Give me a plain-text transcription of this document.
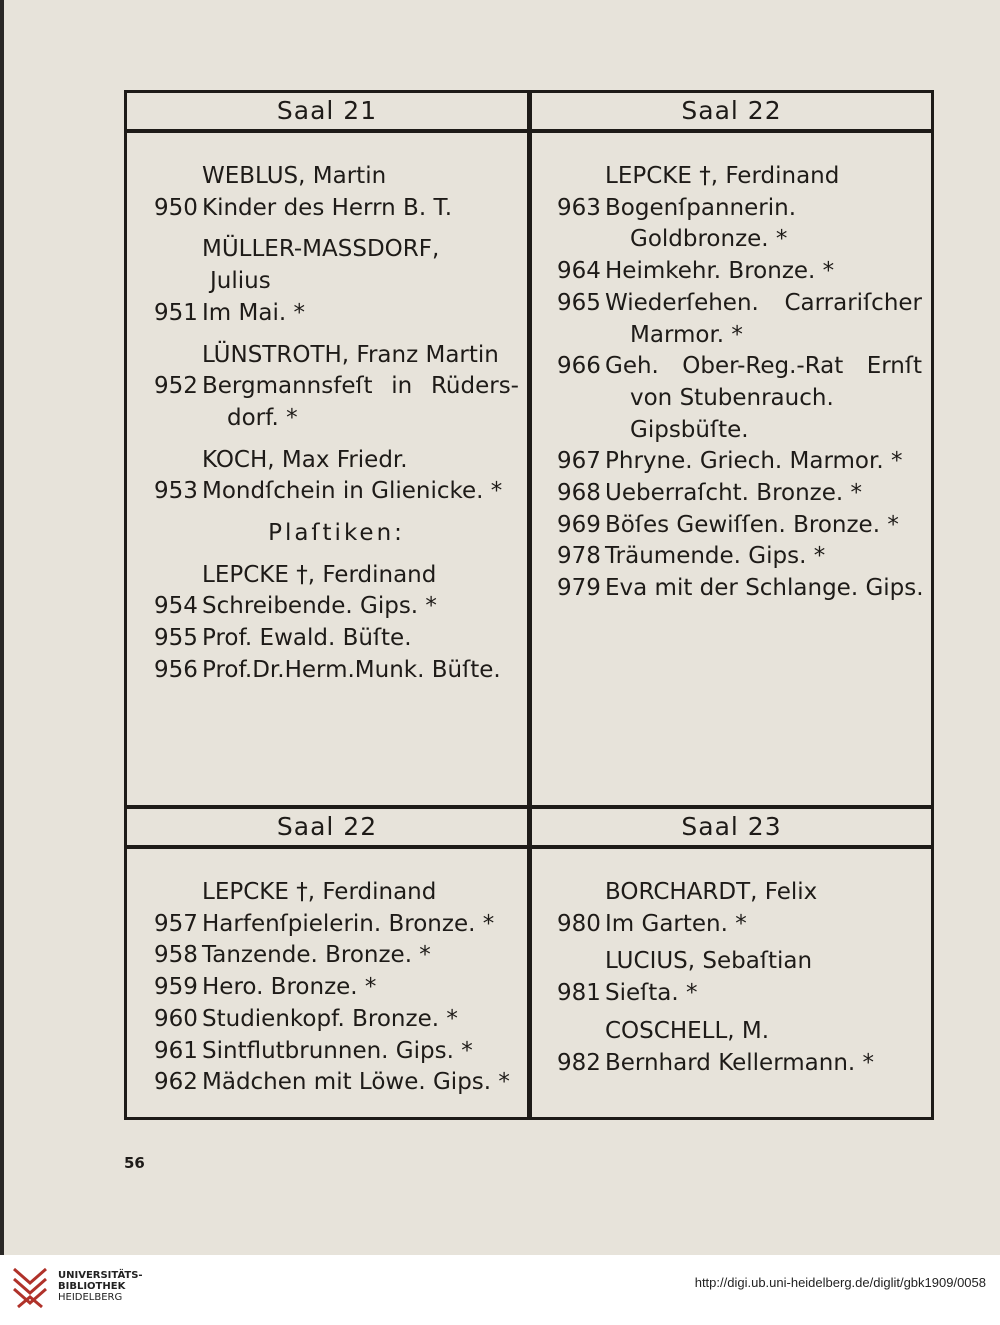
Saal 21	Saal 22
Saal 22	Saal 23
WEBLUS, Martin
950 Kinder des Herrn B. T.
MÜLLER-MASSDORF,
Julius
951 Im Mai. *
LÜNSTROTH, Franz Martin
952 Bergmannsfeſt in Rüders-
dorf. *
KOCH, Max Friedr.
953 Mondſchein in Glienicke. *
Plaſtiken:
LEPCKE †, Ferdinand
954 Schreibende. Gips. *
955 Prof. Ewald. Büſte.
956 Prof.Dr.Herm.Munk. Büſte.
LEPCKE †, Ferdinand
963 Bogenſpannerin.
Goldbronze. *
964 Heimkehr. Bronze. *
965 Wiederſehen. Carrariſcher
Marmor. *
966 Geh. Ober-Reg.-Rat Ernſt
von Stubenrauch.
Gipsbüſte.
967 Phryne. Griech. Marmor. *
968 Ueberraſcht. Bronze. *
969 Böſes Gewiſſen. Bronze. *
978 Träumende. Gips. *
979 Eva mit der Schlange. Gips.
LEPCKE †, Ferdinand
957 Harfenſpielerin. Bronze. *
958 Tanzende. Bronze. *
959 Hero. Bronze. *
960 Studienkopf. Bronze. *
961 Sintflutbrunnen. Gips. *
962 Mädchen mit Löwe. Gips. *
BORCHARDT, Felix
980 Im Garten. *
LUCIUS, Sebaſtian
981 Sieſta. *
COSCHELL, M.
982 Bernhard Kellermann. *
56
UNIVERSITÄTS-
BIBLIOTHEK
HEIDELBERG
http://digi.ub.uni-heidelberg.de/diglit/gbk1909/0058
